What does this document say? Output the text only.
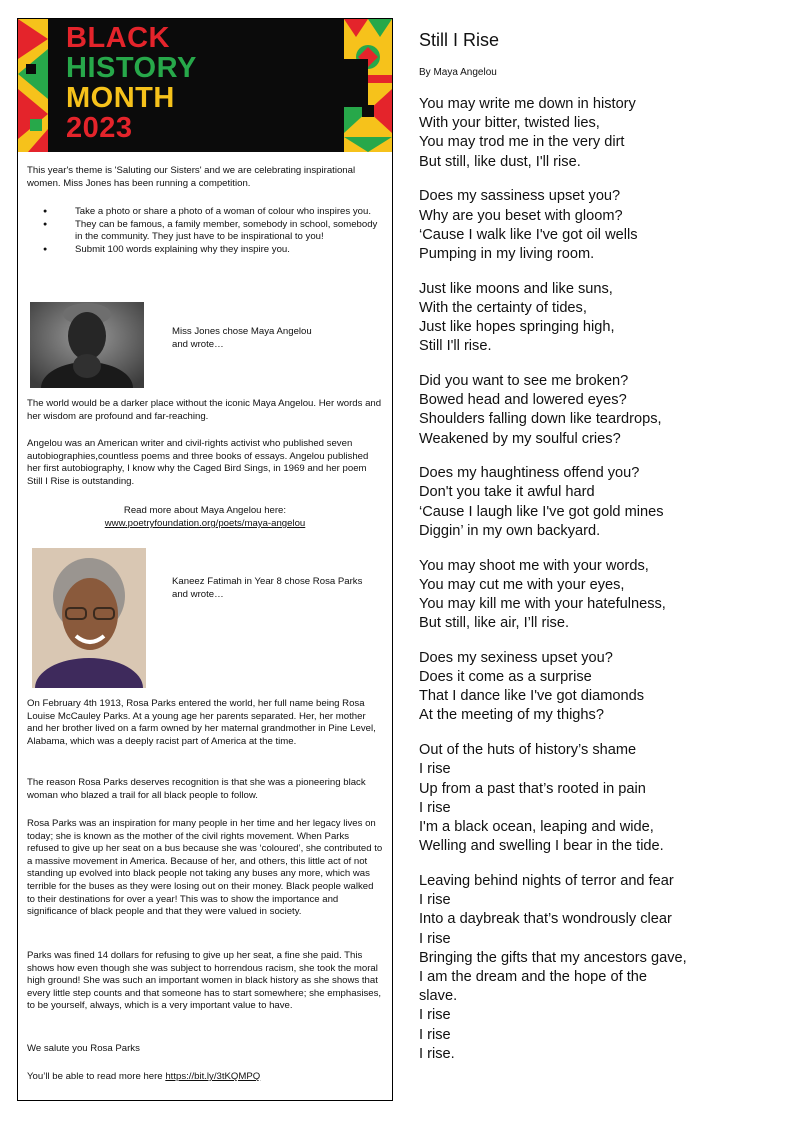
BLACK
HISTORY
MONTH
2023
This year's theme is 'Saluting our Sisters' and we are celebrating inspirational women. Miss Jones has been running a competition.
● Take a photo or share a photo of a woman of colour who inspires you.
● They can be famous, a family member, somebody in school, somebody in the community. They just have to be inspirational to you!
● Submit 100 words explaining why they inspire you.
Miss Jones chose Maya Angelou
and wrote…
The world would be a darker place without the iconic Maya Angelou. Her words and her wisdom are profound and far-reaching.
Angelou was an American writer and civil-rights activist who published seven autobiographies,countless poems and three books of essays. Angelou published her first autobiography, I know why the Caged Bird Sings, in 1969 and her poem Still I Rise is outstanding.
Read more about Maya Angelou here:
www.poetryfoundation.org/poets/maya-angelou
Kaneez Fatimah in Year 8 chose Rosa Parks
and wrote…
On February 4th 1913, Rosa Parks entered the world, her full name being Rosa Louise McCauley Parks. At a young age her parents separated. Her, her mother and her brother lived on a farm owned by her maternal grandmother in Pine Level, Alabama, which was a deeply racist part of America at the time.
The reason Rosa Parks deserves recognition is that she was a pioneering black woman who blazed a trail for all black people to follow.
Rosa Parks was an inspiration for many people in her time and her legacy lives on today; she is known as the mother of the civil rights movement. When Parks refused to give up her seat on a bus because she was ‘coloured’, she contributed to a massive movement in America. Because of her, and others, this little act of not standing up evolved into black people not taking any buses any more, which was terrible for the buses as they were losing out on their money. Black people walked to their destinations for over a year! This was to show the importance and significance of black people and that they were valued in society.
Parks was fined 14 dollars for refusing to give up her seat, a fine she paid. This shows how even though she was subject to horrendous racism, she took the moral high ground! She was such an important women in black history as she shows that every little step counts and that someone has to start somewhere; she emphasises, to be yourself, always, which is a very important value to have.
We salute you Rosa Parks
You’ll be able to read more here https://bit.ly/3tKQMPQ
Still I Rise
By Maya Angelou
You may write me down in history
With your bitter, twisted lies,
You may trod me in the very dirt
But still, like dust, I'll rise.
Does my sassiness upset you?
Why are you beset with gloom?
‘Cause I walk like I've got oil wells
Pumping in my living room.
Just like moons and like suns,
With the certainty of tides,
Just like hopes springing high,
Still I'll rise.
Did you want to see me broken?
Bowed head and lowered eyes?
Shoulders falling down like teardrops,
Weakened by my soulful cries?
Does my haughtiness offend you?
Don't you take it awful hard
‘Cause I laugh like I've got gold mines
Diggin’ in my own backyard.
You may shoot me with your words,
You may cut me with your eyes,
You may kill me with your hatefulness,
But still, like air, I’ll rise.
Does my sexiness upset you?
Does it come as a surprise
That I dance like I've got diamonds
At the meeting of my thighs?
Out of the huts of history’s shame
I rise
Up from a past that’s rooted in pain
I rise
I'm a black ocean, leaping and wide,
Welling and swelling I bear in the tide.
Leaving behind nights of terror and fear
I rise
Into a daybreak that’s wondrously clear
I rise
Bringing the gifts that my ancestors gave,
I am the dream and the hope of the
slave.
I rise
I rise
I rise.
